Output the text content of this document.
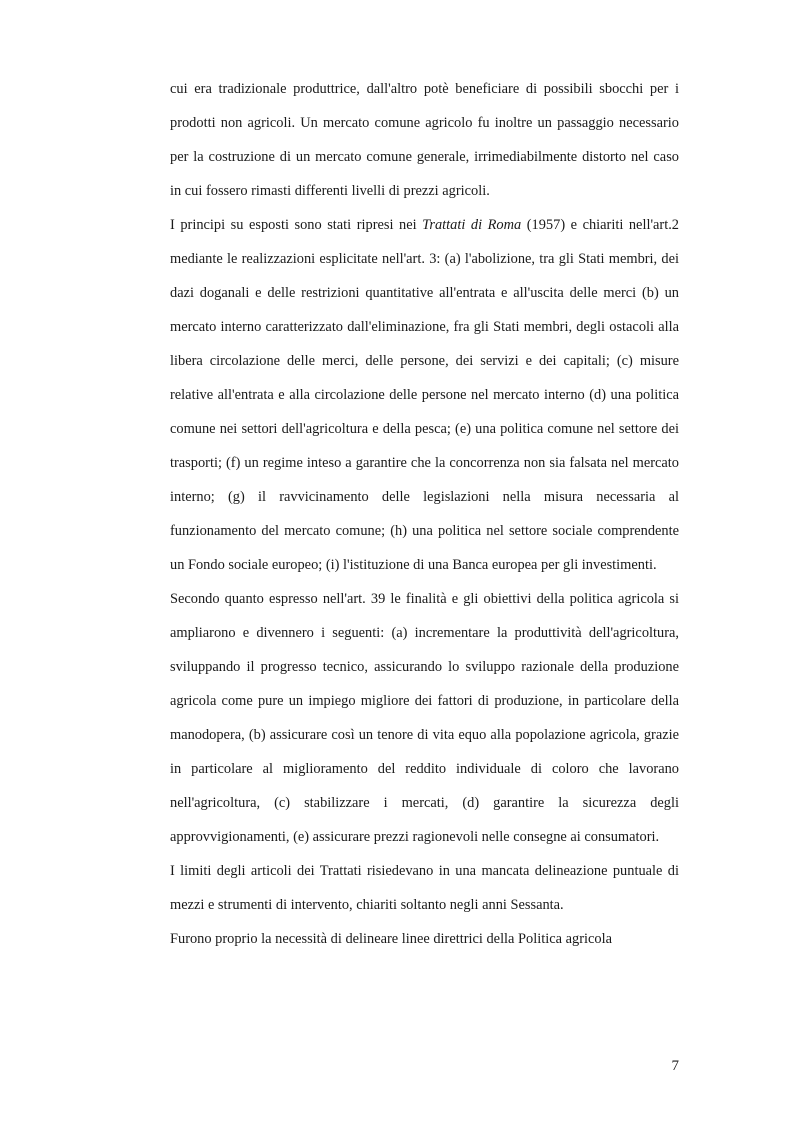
cui era tradizionale produttrice, dall'altro potè beneficiare di possibili sbocchi per i prodotti non agricoli. Un mercato comune agricolo fu inoltre un passaggio necessario per la costruzione di un mercato comune generale, irrimediabilmente distorto nel caso in cui fossero rimasti differenti livelli di prezzi agricoli.

I principi su esposti sono stati ripresi nei Trattati di Roma (1957) e chiariti nell'art.2 mediante le realizzazioni esplicitate nell'art. 3: (a) l'abolizione, tra gli Stati membri, dei dazi doganali e delle restrizioni quantitative all'entrata e all'uscita delle merci (b) un mercato interno caratterizzato dall'eliminazione, fra gli Stati membri, degli ostacoli alla libera circolazione delle merci, delle persone, dei servizi e dei capitali; (c) misure relative all'entrata e alla circolazione delle persone nel mercato interno (d) una politica comune nei settori dell'agricoltura e della pesca; (e) una politica comune nel settore dei trasporti; (f) un regime inteso a garantire che la concorrenza non sia falsata nel mercato interno; (g) il ravvicinamento delle legislazioni nella misura necessaria al funzionamento del mercato comune; (h) una politica nel settore sociale comprendente un Fondo sociale europeo; (i) l'istituzione di una Banca europea per gli investimenti.

Secondo quanto espresso nell'art. 39 le finalità e gli obiettivi della politica agricola si ampliarono e divennero i seguenti: (a) incrementare la produttività dell'agricoltura, sviluppando il progresso tecnico, assicurando lo sviluppo razionale della produzione agricola come pure un impiego migliore dei fattori di produzione, in particolare della manodopera, (b) assicurare così un tenore di vita equo alla popolazione agricola, grazie in particolare al miglioramento del reddito individuale di coloro che lavorano nell'agricoltura, (c) stabilizzare i mercati, (d) garantire la sicurezza degli approvvigionamenti, (e) assicurare prezzi ragionevoli nelle consegne ai consumatori.

I limiti degli articoli dei Trattati risiedevano in una mancata delineazione puntuale di mezzi e strumenti di intervento, chiariti soltanto negli anni Sessanta.

Furono proprio la necessità di delineare linee direttrici della Politica agricola

7
